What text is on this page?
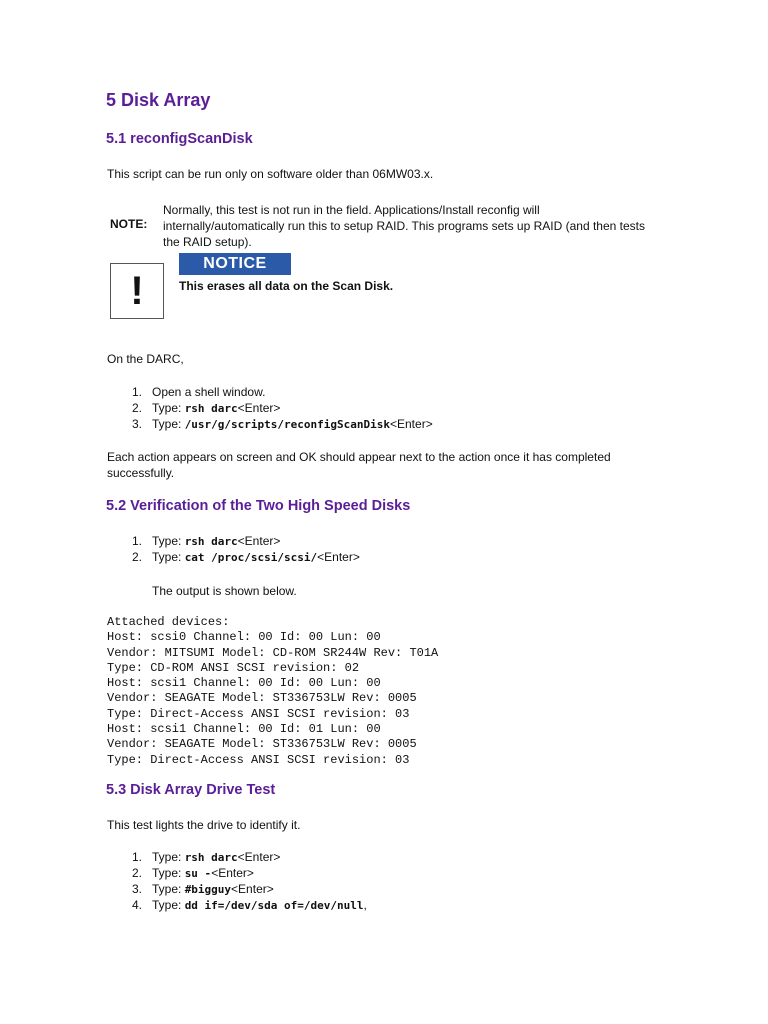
5 Disk Array
5.1 reconfigScanDisk
This script can be run only on software older than 06MW03.x.
NOTE:
Normally, this test is not run in the field. Applications/Install reconfig will internally/automatically run this to setup RAID. This programs sets up RAID (and then tests the RAID setup).
!
NOTICE
This erases all data on the Scan Disk.
On the DARC,
1. Open a shell window.
2. Type: rsh darc<Enter>
3. Type: /usr/g/scripts/reconfigScanDisk<Enter>
Each action appears on screen and OK should appear next to the action once it has completed successfully.
5.2 Verification of the Two High Speed Disks
1. Type: rsh darc<Enter>
2. Type: cat /proc/scsi/scsi/<Enter>
The output is shown below.
Attached devices:
Host: scsi0 Channel: 00 Id: 00 Lun: 00
Vendor: MITSUMI Model: CD-ROM SR244W Rev: T01A
Type: CD-ROM ANSI SCSI revision: 02
Host: scsi1 Channel: 00 Id: 00 Lun: 00
Vendor: SEAGATE Model: ST336753LW Rev: 0005
Type: Direct-Access ANSI SCSI revision: 03
Host: scsi1 Channel: 00 Id: 01 Lun: 00
Vendor: SEAGATE Model: ST336753LW Rev: 0005
Type: Direct-Access ANSI SCSI revision: 03
5.3 Disk Array Drive Test
This test lights the drive to identify it.
1. Type: rsh darc<Enter>
2. Type: su -<Enter>
3. Type: #bigguy<Enter>
4. Type: dd if=/dev/sda of=/dev/null,
